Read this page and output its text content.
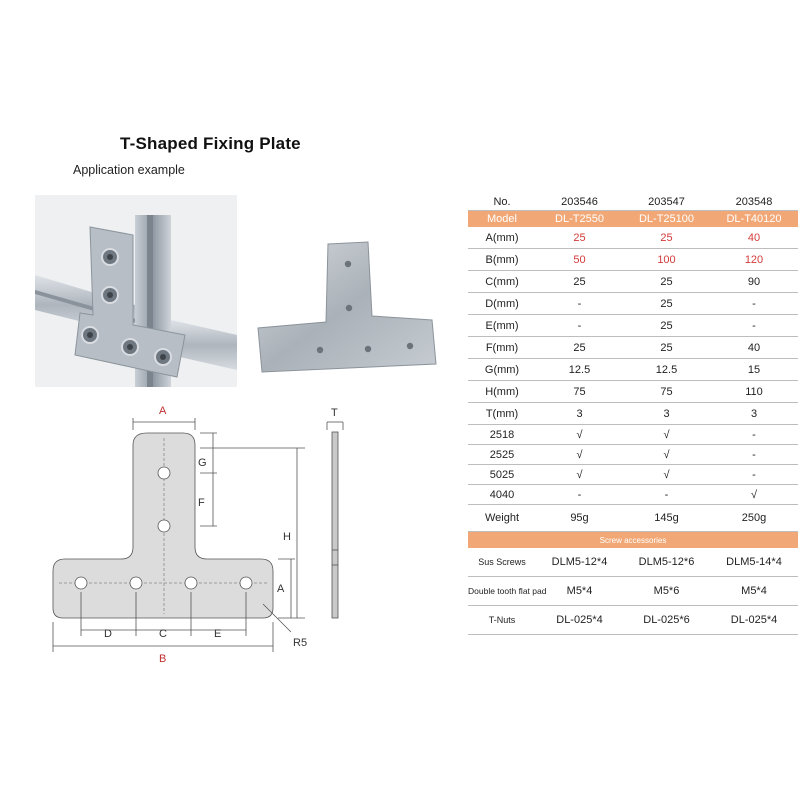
T-Shaped Fixing Plate
Application example
A
G
F
H
A
T
D	C	E
B
R5
No.	203546	203547	203548
Model	DL-T2550	DL-T25100	DL-T40120
A(mm)	25	25	40
B(mm)	50	100	120
C(mm)	25	25	90
D(mm)	-	25	-
E(mm)	-	25	-
F(mm)	25	25	40
G(mm)	12.5	12.5	15
H(mm)	75	75	110
T(mm)	3	3	3
2518	√	√	-
2525	√	√	-
5025	√	√	-
4040	-	-	√
Weight	95g	145g	250g
Screw accessories			
Sus Screws	DLM5-12*4	DLM5-12*6	DLM5-14*4
Double tooth flat pad	M5*4	M5*6	M5*4
T-Nuts	DL-025*4	DL-025*6	DL-025*4
